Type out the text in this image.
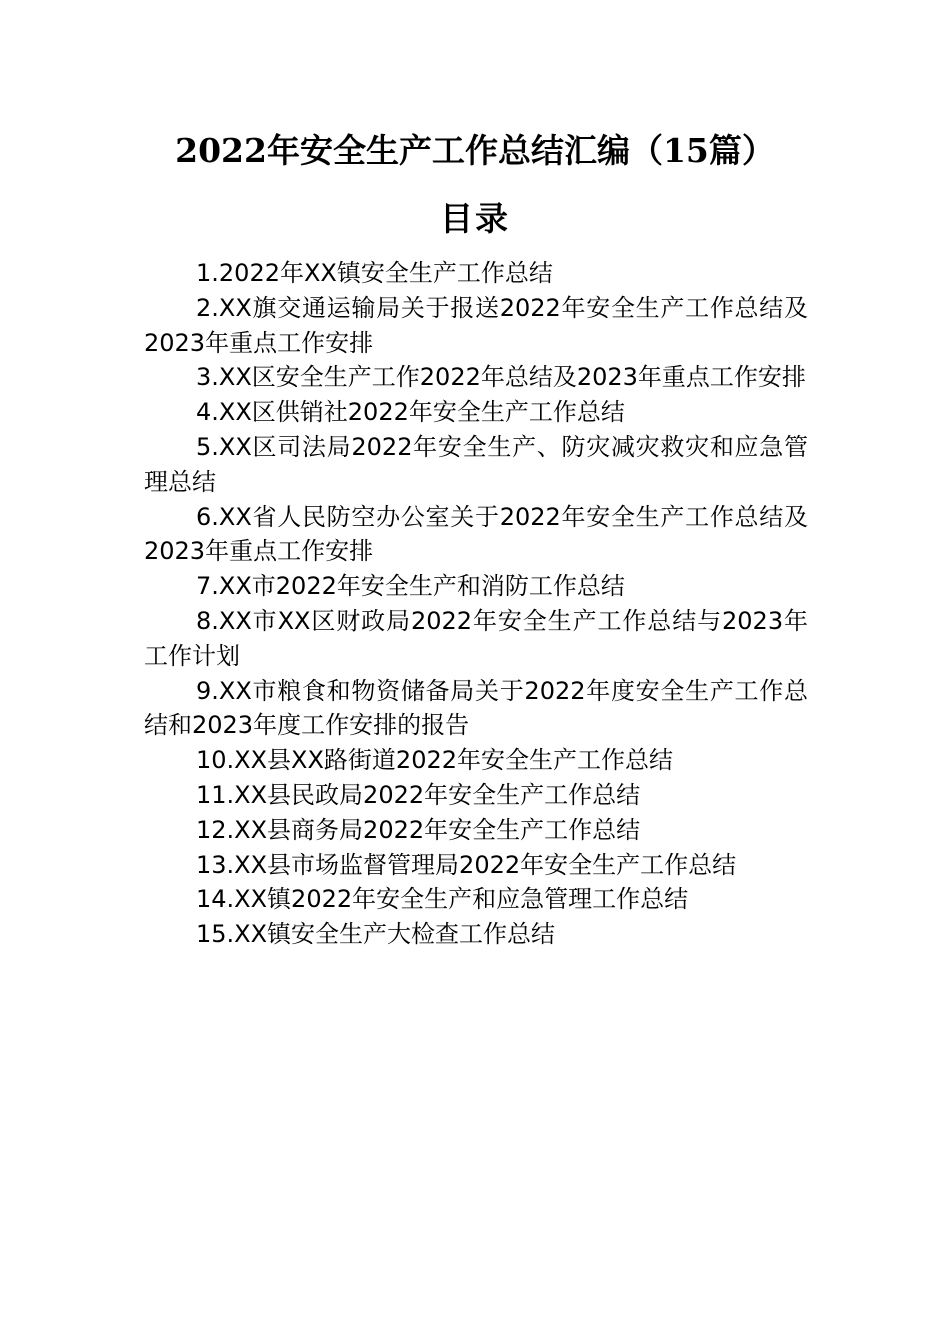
2022年安全生产工作总结汇编（15篇）
目录
1.2022年XX镇安全生产工作总结
2.XX旗交通运输局关于报送2022年安全生产工作总结及2023年重点工作安排
3.XX区安全生产工作2022年总结及2023年重点工作安排
4.XX区供销社2022年安全生产工作总结
5.XX区司法局2022年安全生产、防灾减灾救灾和应急管理总结
6.XX省人民防空办公室关于2022年安全生产工作总结及2023年重点工作安排
7.XX市2022年安全生产和消防工作总结
8.XX市XX区财政局2022年安全生产工作总结与2023年工作计划
9.XX市粮食和物资储备局关于2022年度安全生产工作总结和2023年度工作安排的报告
10.XX县XX路街道2022年安全生产工作总结
11.XX县民政局2022年安全生产工作总结
12.XX县商务局2022年安全生产工作总结
13.XX县市场监督管理局2022年安全生产工作总结
14.XX镇2022年安全生产和应急管理工作总结
15.XX镇安全生产大检查工作总结
